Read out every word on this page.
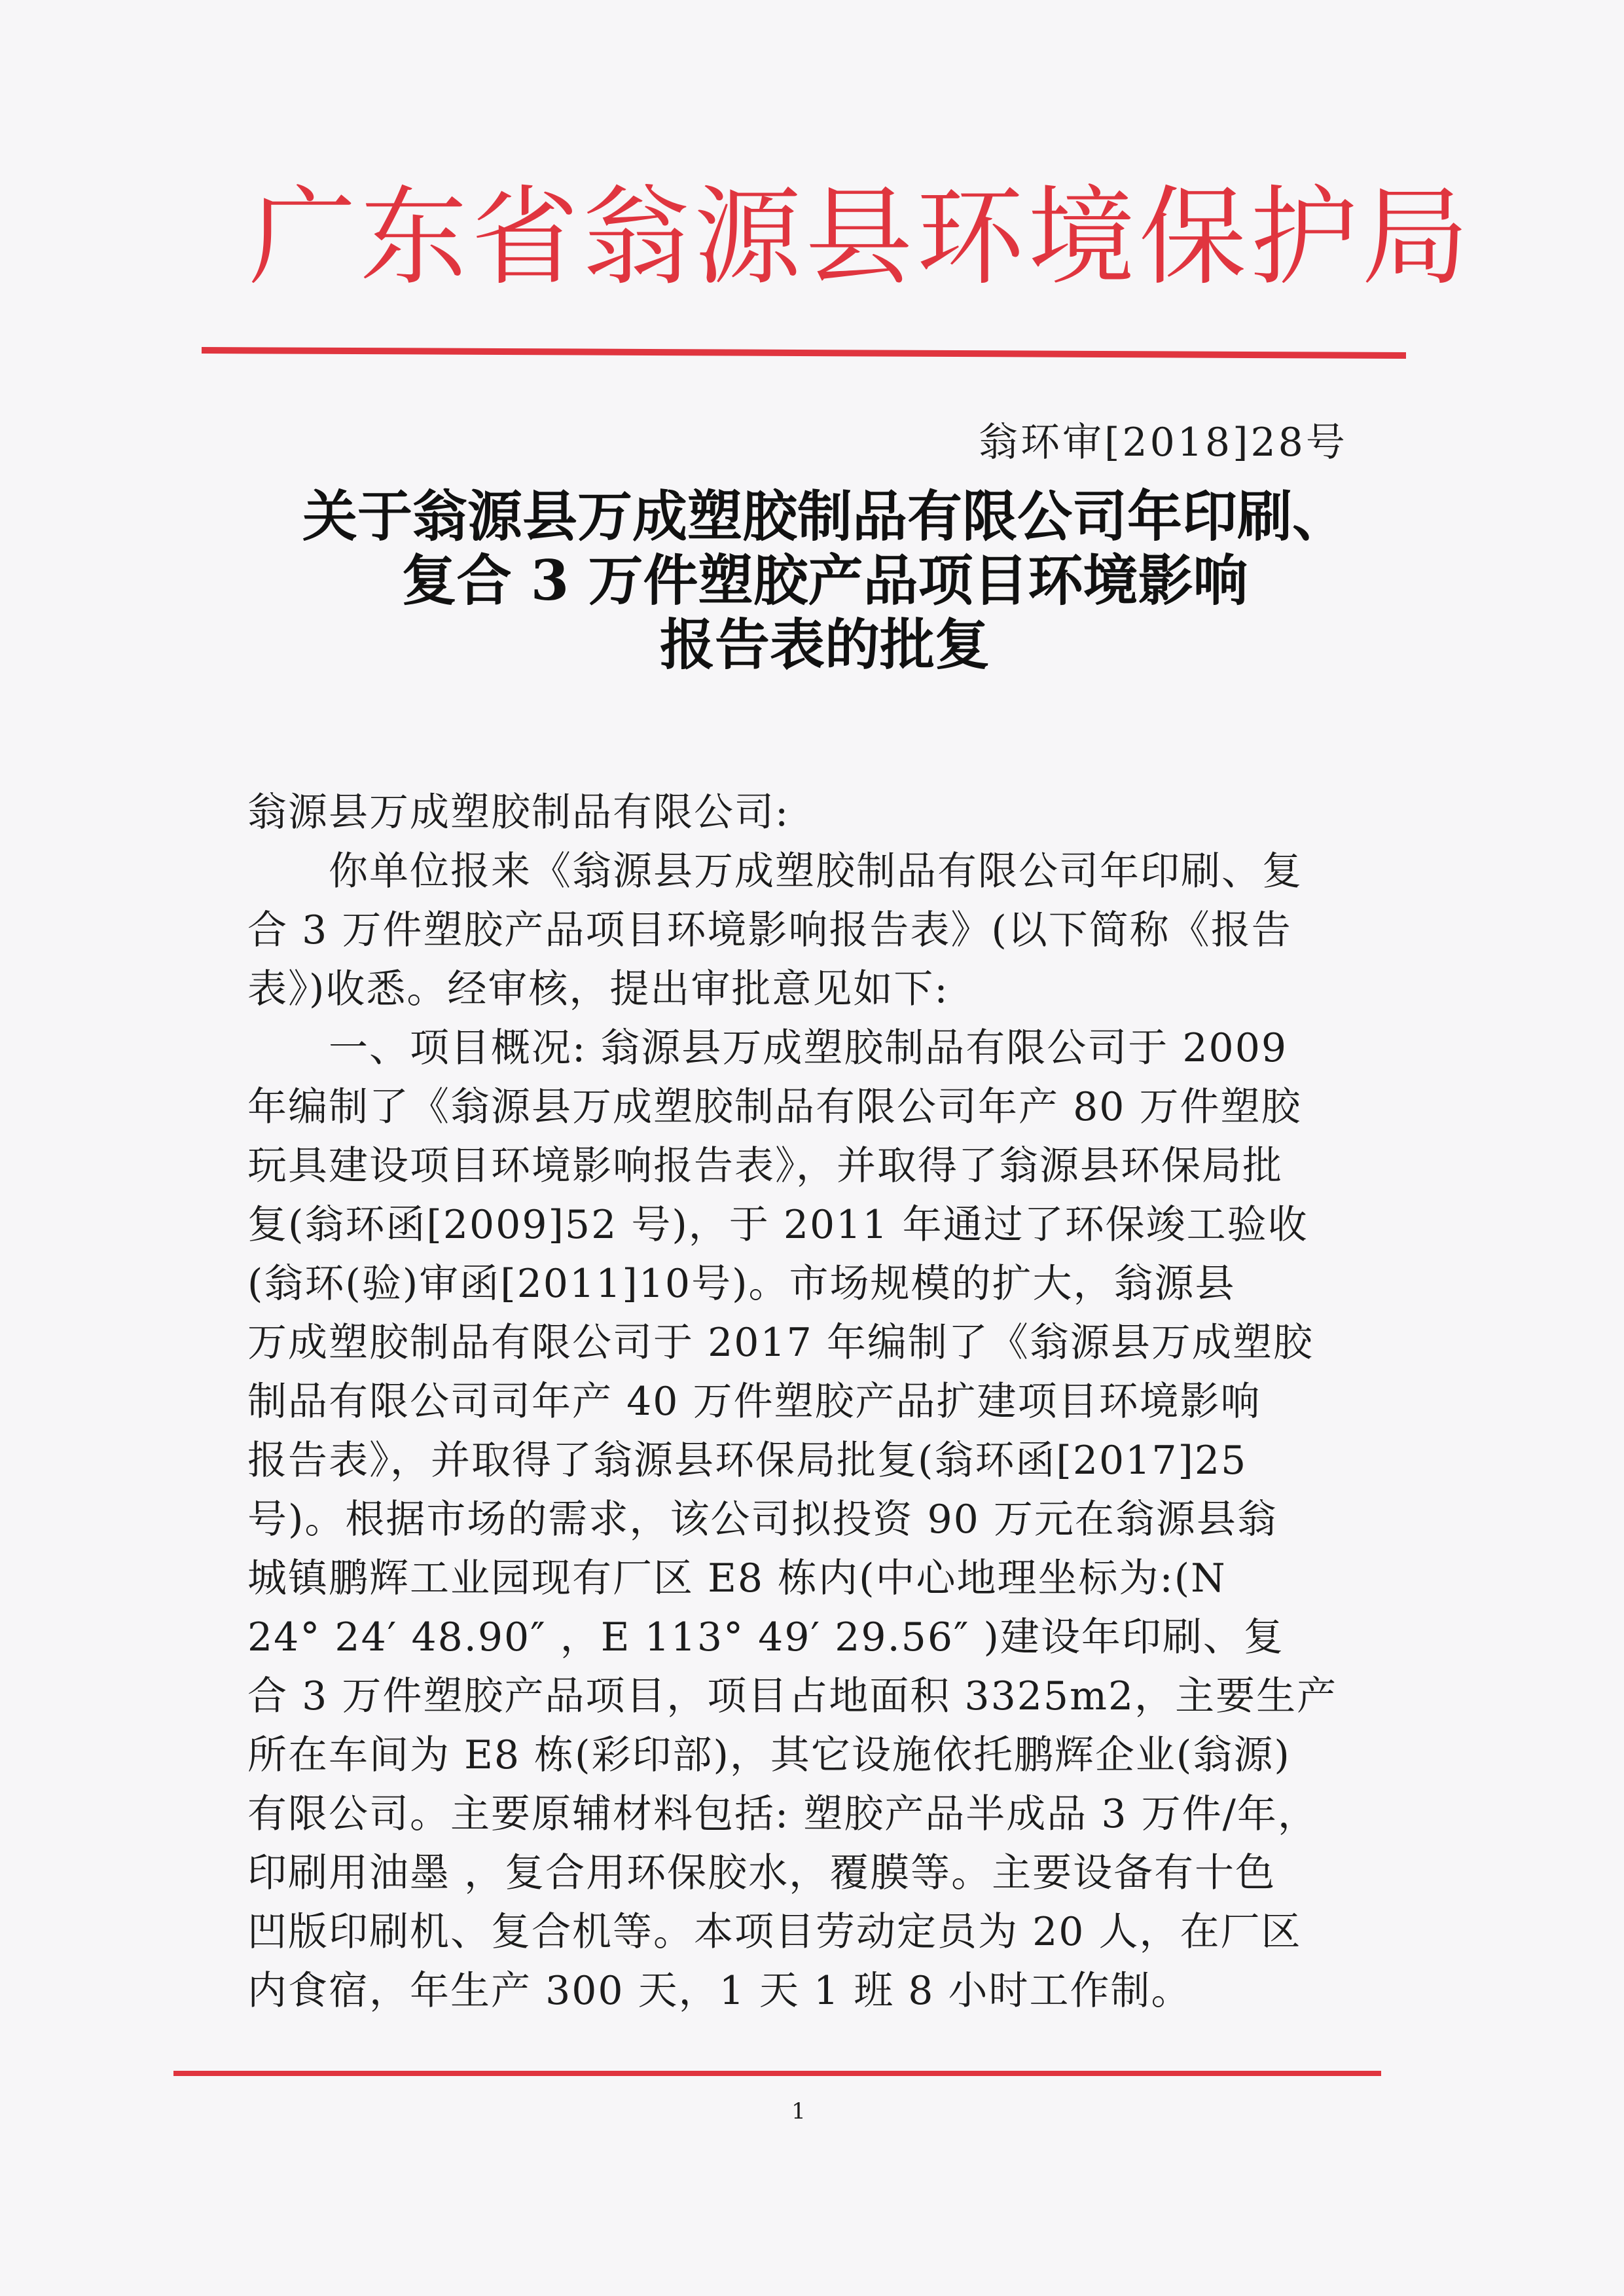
广东省翁源县环境保护局
翁环审[2018]28号
关于翁源县万成塑胶制品有限公司年印刷、
复合 3 万件塑胶产品项目环境影响
报告表的批复
翁源县万成塑胶制品有限公司:
　　你单位报来《翁源县万成塑胶制品有限公司年印刷、复
合 3 万件塑胶产品项目环境影响报告表》(以下简称《报告
表》)收悉。经审核，提出审批意见如下:
　　一、项目概况: 翁源县万成塑胶制品有限公司于 2009
年编制了《翁源县万成塑胶制品有限公司年产 80 万件塑胶
玩具建设项目环境影响报告表》，并取得了翁源县环保局批
复(翁环函[2009]52 号)，于 2011 年通过了环保竣工验收
(翁环(验)审函[2011]10号)。市场规模的扩大，翁源县
万成塑胶制品有限公司于 2017 年编制了《翁源县万成塑胶
制品有限公司司年产 40 万件塑胶产品扩建项目环境影响
报告表》，并取得了翁源县环保局批复(翁环函[2017]25
号)。根据市场的需求，该公司拟投资 90 万元在翁源县翁
城镇鹏辉工业园现有厂区 E8 栋内(中心地理坐标为:(N
24° 24′ 48.90″ ，E 113° 49′ 29.56″ )建设年印刷、复
合 3 万件塑胶产品项目，项目占地面积 3325m2，主要生产
所在车间为 E8 栋(彩印部)，其它设施依托鹏辉企业(翁源)
有限公司。主要原辅材料包括: 塑胶产品半成品 3 万件/年，
印刷用油墨 ，复合用环保胶水，覆膜等。主要设备有十色
凹版印刷机、复合机等。本项目劳动定员为 20 人，在厂区
内食宿，年生产 300 天，1 天 1 班 8 小时工作制。
1
